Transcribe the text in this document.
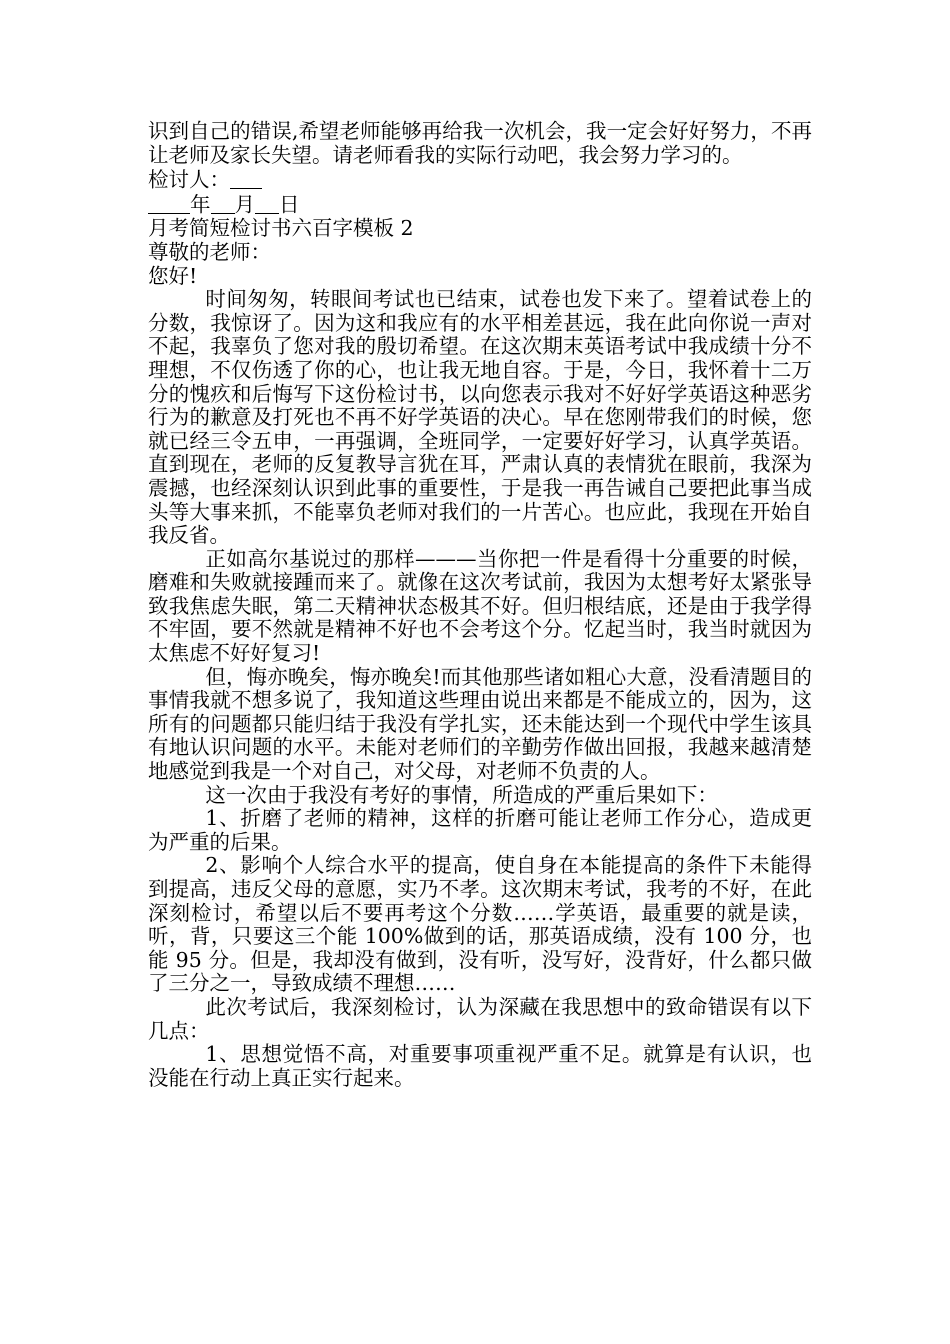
识到自己的错误,希望老师能够再给我一次机会，我一定会好好努力，不再让老师及家长失望。请老师看我的实际行动吧，我会努力学习的。

检讨人：

年 月 日

月考简短检讨书六百字模板 2

尊敬的老师：

您好!

时间匆匆，转眼间考试也已结束，试卷也发下来了。望着试卷上的分数，我惊讶了。因为这和我应有的水平相差甚远，我在此向你说一声对不起，我辜负了您对我的殷切希望。在这次期末英语考试中我成绩十分不理想，不仅伤透了你的心，也让我无地自容。于是，今日，我怀着十二万分的愧疚和后悔写下这份检讨书，以向您表示我对不好好学英语这种恶劣行为的歉意及打死也不再不好学英语的决心。早在您刚带我们的时候，您就已经三令五申，一再强调，全班同学，一定要好好学习，认真学英语。直到现在，老师的反复教导言犹在耳，严肃认真的表情犹在眼前，我深为震撼，也经深刻认识到此事的重要性，于是我一再告诫自己要把此事当成头等大事来抓，不能辜负老师对我们的一片苦心。也应此，我现在开始自我反省。

正如高尔基说过的那样———当你把一件是看得十分重要的时候，磨难和失败就接踵而来了。就像在这次考试前，我因为太想考好太紧张导致我焦虑失眠，第二天精神状态极其不好。但归根结底，还是由于我学得不牢固，要不然就是精神不好也不会考这个分。忆起当时，我当时就因为太焦虑不好好复习!

但，悔亦晚矣，悔亦晚矣!而其他那些诸如粗心大意，没看清题目的事情我就不想多说了，我知道这些理由说出来都是不能成立的，因为，这所有的问题都只能归结于我没有学扎实，还未能达到一个现代中学生该具有地认识问题的水平。未能对老师们的辛勤劳作做出回报，我越来越清楚地感觉到我是一个对自己，对父母，对老师不负责的人。

这一次由于我没有考好的事情，所造成的严重后果如下：

1、折磨了老师的精神，这样的折磨可能让老师工作分心，造成更为严重的后果。

2、影响个人综合水平的提高，使自身在本能提高的条件下未能得到提高，违反父母的意愿，实乃不孝。这次期末考试，我考的不好，在此深刻检讨，希望以后不要再考这个分数……学英语，最重要的就是读，听，背，只要这三个能 100%做到的话，那英语成绩，没有 100 分，也能 95 分。但是，我却没有做到，没有听，没写好，没背好，什么都只做了三分之一，导致成绩不理想……

此次考试后，我深刻检讨，认为深藏在我思想中的致命错误有以下几点：

1、思想觉悟不高，对重要事项重视严重不足。就算是有认识，也没能在行动上真正实行起来。
